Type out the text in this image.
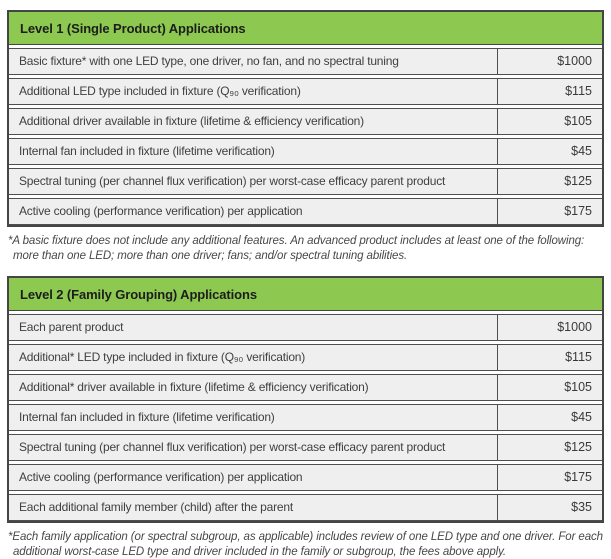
Level 1 (Single Product) Applications
Basic fixture* with one LED type, one driver, no fan, and no spectral tuning	$1000
Additional LED type included in fixture (Q₉₀ verification)	$115
Additional driver available in fixture (lifetime & efficiency verification)	$105
Internal fan included in fixture (lifetime verification)	$45
Spectral tuning (per channel flux verification) per worst-case efficacy parent product	$125
Active cooling (performance verification) per application	$175

*A basic fixture does not include any additional features. An advanced product includes at least one of the following: more than one LED; more than one driver; fans; and/or spectral tuning abilities.

Level 2 (Family Grouping) Applications
Each parent product	$1000
Additional* LED type included in fixture (Q₉₀ verification)	$115
Additional* driver available in fixture (lifetime & efficiency verification)	$105
Internal fan included in fixture (lifetime verification)	$45
Spectral tuning (per channel flux verification) per worst-case efficacy parent product	$125
Active cooling (performance verification) per application	$175
Each additional family member (child) after the parent	$35

*Each family application (or spectral subgroup, as applicable) includes review of one LED type and one driver. For each additional worst-case LED type and driver included in the family or subgroup, the fees above apply.
